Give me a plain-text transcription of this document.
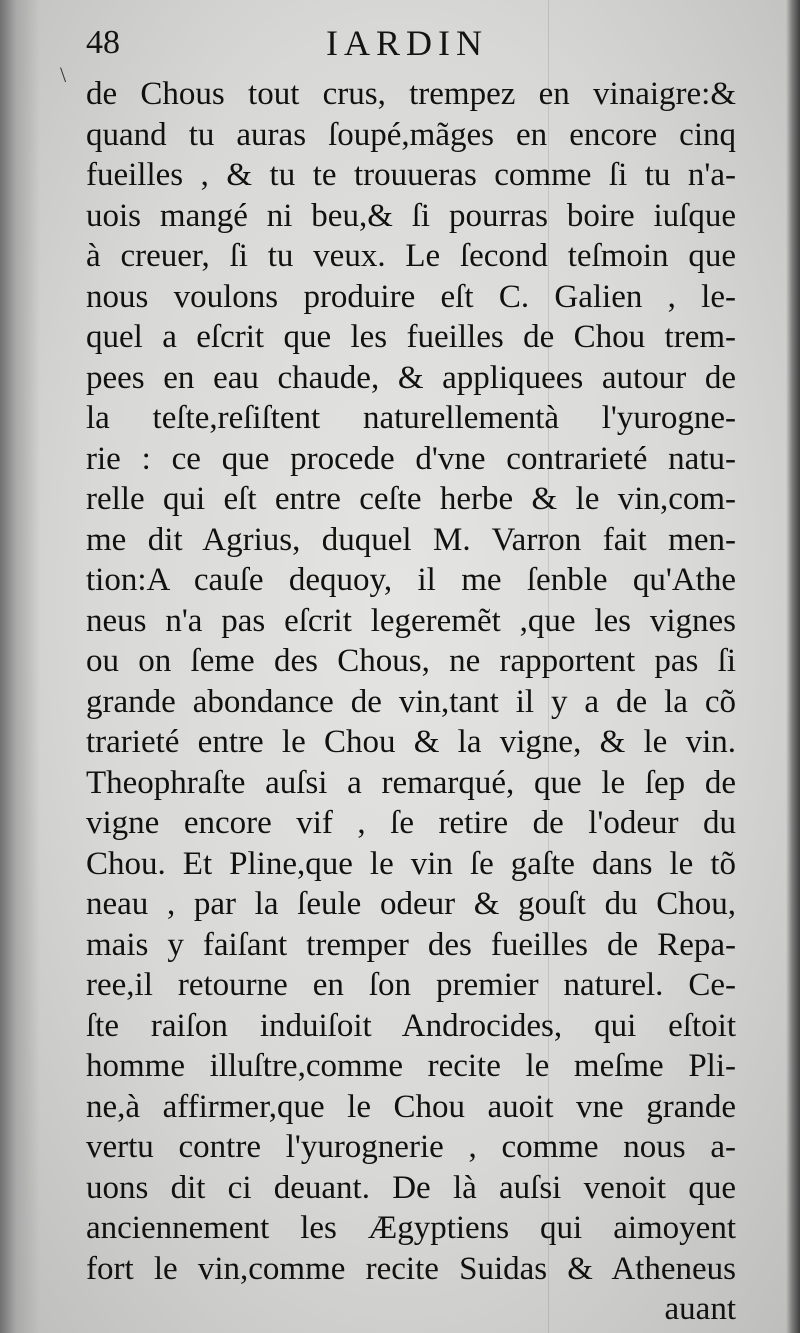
48	IARDIN
\
de Chous tout crus, trempez en vinaigre:&
quand tu auras ſoupé,mãges en encore cinq
fueilles , & tu te trouueras comme ſi tu n'a-
uois mangé ni beu,& ſi pourras boire iuſque
à creuer, ſi tu veux. Le ſecond teſmoin que
nous voulons produire eſt C. Galien , le-
quel a eſcrit que les fueilles de Chou trem-
pees en eau chaude, & appliquees autour de
la teſte,reſiſtent naturellementà l'yurogne-
rie : ce que procede d'vne contrarieté natu-
relle qui eſt entre ceſte herbe & le vin,com-
me dit Agrius, duquel M. Varron fait men-
tion:A cauſe dequoy, il me ſenble qu'Athe
neus n'a pas eſcrit legeremẽt ,que les vignes
ou on ſeme des Chous, ne rapportent pas ſi
grande abondance de vin,tant il y a de la cõ
trarieté entre le Chou & la vigne, & le vin.
Theophraſte auſsi a remarqué, que le ſep de
vigne encore vif , ſe retire de l'odeur du
Chou. Et Pline,que le vin ſe gaſte dans le tõ
neau , par la ſeule odeur & gouſt du Chou,
mais y faiſant tremper des fueilles de Repa-
ree,il retourne en ſon premier naturel. Ce-
ſte raiſon induiſoit Androcides, qui eſtoit
homme illuſtre,comme recite le meſme Pli-
ne,à affirmer,que le Chou auoit vne grande
vertu contre l'yurognerie , comme nous a-
uons dit ci deuant. De là auſsi venoit que
anciennement les Ægyptiens qui aimoyent
fort le vin,comme recite Suidas & Atheneus
auant
